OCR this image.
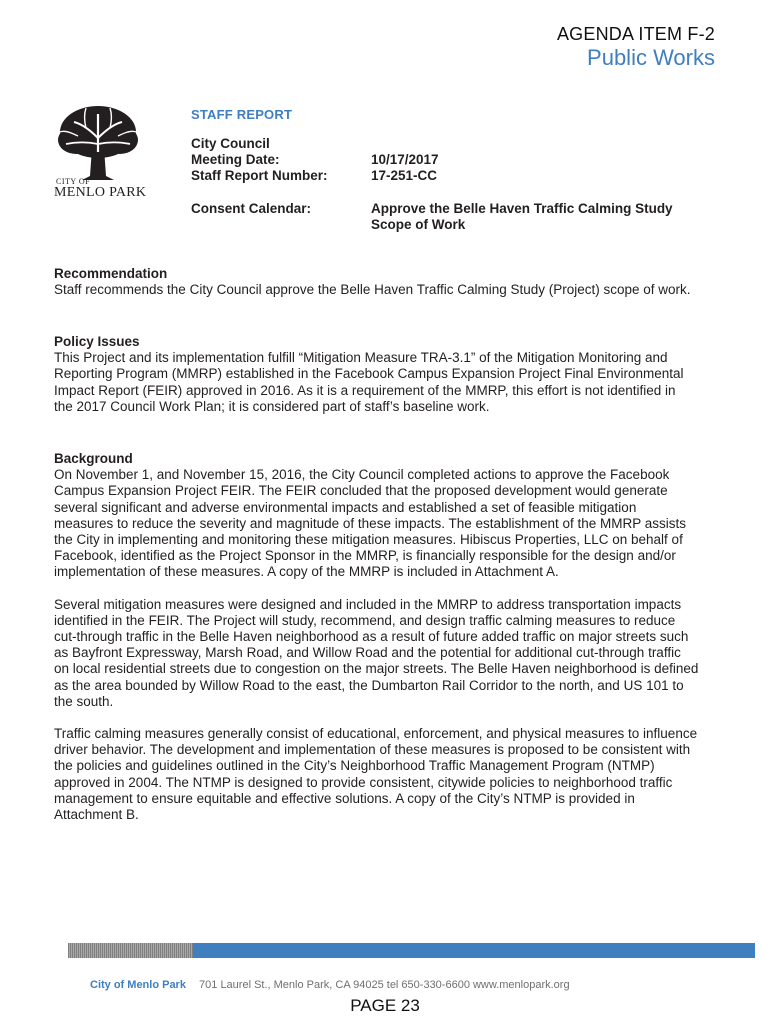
AGENDA ITEM F-2
Public Works
CITY OF
MENLO PARK
STAFF REPORT
City Council
Meeting Date:	10/17/2017
Staff Report Number:	17-251-CC
Consent Calendar:	Approve the Belle Haven Traffic Calming Study
Scope of Work

Recommendation

Staff recommends the City Council approve the Belle Haven Traffic Calming Study (Project) scope of work.

Policy Issues

This Project and its implementation fulfill “Mitigation Measure TRA-3.1” of the Mitigation Monitoring and
Reporting Program (MMRP) established in the Facebook Campus Expansion Project Final Environmental
Impact Report (FEIR) approved in 2016. As it is a requirement of the MMRP, this effort is not identified in
the 2017 Council Work Plan; it is considered part of staff’s baseline work.

Background

On November 1, and November 15, 2016, the City Council completed actions to approve the Facebook
Campus Expansion Project FEIR. The FEIR concluded that the proposed development would generate
several significant and adverse environmental impacts and established a set of feasible mitigation
measures to reduce the severity and magnitude of these impacts. The establishment of the MMRP assists
the City in implementing and monitoring these mitigation measures. Hibiscus Properties, LLC on behalf of
Facebook, identified as the Project Sponsor in the MMRP, is financially responsible for the design and/or
implementation of these measures. A copy of the MMRP is included in Attachment A.
Several mitigation measures were designed and included in the MMRP to address transportation impacts
identified in the FEIR. The Project will study, recommend, and design traffic calming measures to reduce
cut-through traffic in the Belle Haven neighborhood as a result of future added traffic on major streets such
as Bayfront Expressway, Marsh Road, and Willow Road and the potential for additional cut-through traffic
on local residential streets due to congestion on the major streets. The Belle Haven neighborhood is defined
as the area bounded by Willow Road to the east, the Dumbarton Rail Corridor to the north, and US 101 to
the south.
Traffic calming measures generally consist of educational, enforcement, and physical measures to influence
driver behavior. The development and implementation of these measures is proposed to be consistent with
the policies and guidelines outlined in the City’s Neighborhood Traffic Management Program (NTMP)
approved in 2004. The NTMP is designed to provide consistent, citywide policies to neighborhood traffic
management to ensure equitable and effective solutions. A copy of the City’s NTMP is provided in
Attachment B.
City of Menlo Park 701 Laurel St., Menlo Park, CA 94025 tel 650-330-6600 www.menlopark.org
PAGE 23
